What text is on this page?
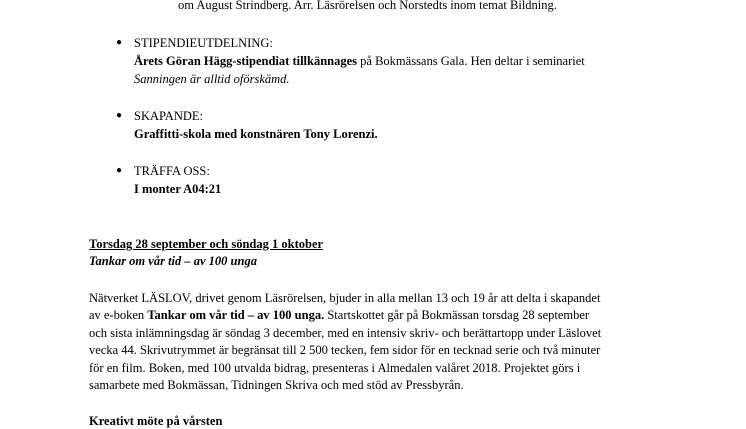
om August Strindberg. Arr. Läsrörelsen och Norstedts inom temat Bildning.
● STIPENDIEUTDELNING:
Årets Göran Hägg-stipendiat tillkännages på Bokmässans Gala. Hen deltar i seminariet
Sanningen är alltid oförskämd.
● SKAPANDE:
Graffitti-skola med konstnären Tony Lorenzi.
● TRÄFFA OSS:
I monter A04:21
Torsdag 28 september och söndag 1 oktober
Tankar om vår tid – av 100 unga
Nätverket LÄSLOV, drivet genom Läsrörelsen, bjuder in alla mellan 13 och 19 år att delta i skapandet
av e-boken Tankar om vår tid – av 100 unga. Startskottet går på Bokmässan torsdag 28 september
och sista inlämningsdag är söndag 3 december, med en intensiv skriv- och berättartopp under Läslovet
vecka 44. Skrivutrymmet är begränsat till 2 500 tecken, fem sidor för en tecknad serie och två minuter
för en film. Boken, med 100 utvalda bidrag, presenteras i Almedalen valåret 2018. Projektet görs i
samarbete med Bokmässan, Tidningen Skriva och med stöd av Pressbyrån.
Kreativt möte på vårsten
